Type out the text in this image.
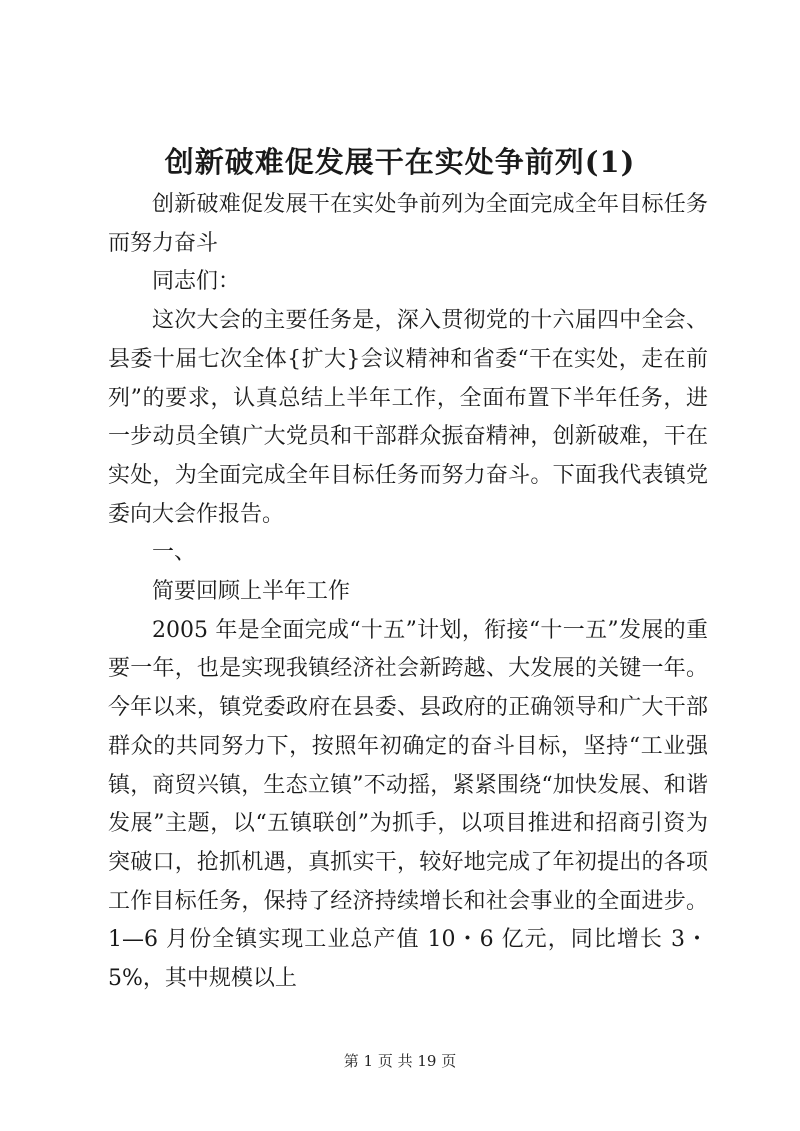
创新破难促发展干在实处争前列(1)

创新破难促发展干在实处争前列为全面完成全年目标任务而努力奋斗

同志们：

这次大会的主要任务是，深入贯彻党的十六届四中全会、县委十届七次全体{扩大}会议精神和省委“干在实处，走在前列”的要求，认真总结上半年工作，全面布置下半年任务，进一步动员全镇广大党员和干部群众振奋精神，创新破难，干在实处，为全面完成全年目标任务而努力奋斗。下面我代表镇党委向大会作报告。

一、

简要回顾上半年工作

2005 年是全面完成“十五”计划，衔接“十一五”发展的重要一年，也是实现我镇经济社会新跨越、大发展的关键一年。今年以来，镇党委政府在县委、县政府的正确领导和广大干部群众的共同努力下，按照年初确定的奋斗目标，坚持“工业强镇，商贸兴镇，生态立镇”不动摇，紧紧围绕“加快发展、和谐发展”主题，以“五镇联创”为抓手，以项目推进和招商引资为突破口，抢抓机遇，真抓实干，较好地完成了年初提出的各项工作目标任务，保持了经济持续增长和社会事业的全面进步。1—6 月份全镇实现工业总产值 10・6 亿元，同比增长 3・5%，其中规模以上

第 1 页 共 19 页
